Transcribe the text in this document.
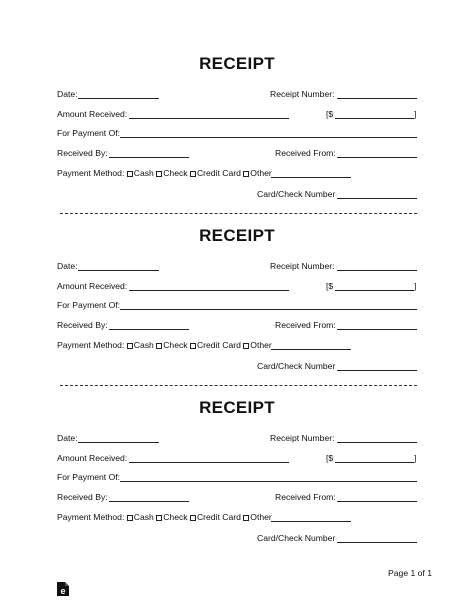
RECEIPT
Date:	Receipt Number:
Amount Received:	[$	]
For Payment Of:
Received By:	Received From:
Payment Method: Cash Check Credit Card Other
Card/Check Number
RECEIPT
Date:	Receipt Number:
Amount Received:	[$	]
For Payment Of:
Received By:	Received From:
Payment Method: Cash Check Credit Card Other
Card/Check Number
RECEIPT
Date:	Receipt Number:
Amount Received:	[$	]
For Payment Of:
Received By:	Received From:
Payment Method: Cash Check Credit Card Other
Card/Check Number
e
Page 1 of 1
